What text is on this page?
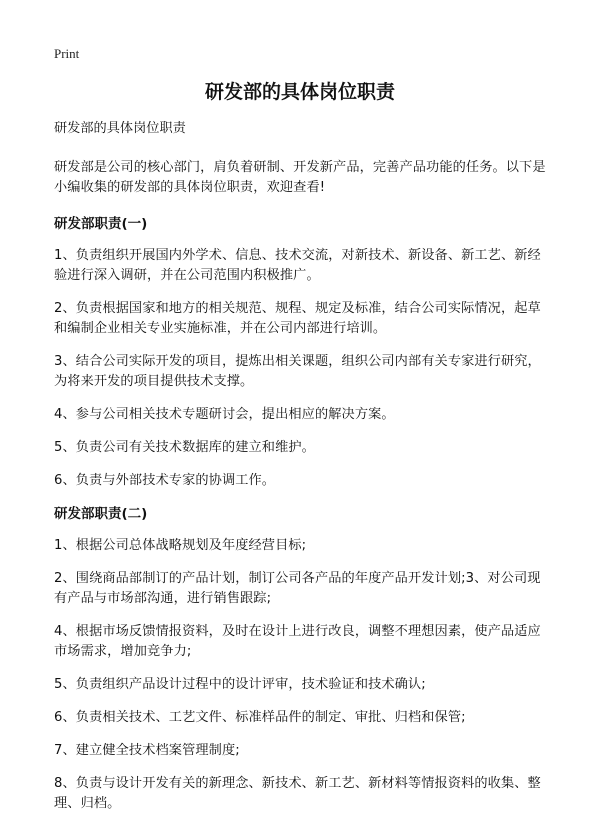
Print
研发部的具体岗位职责

研发部的具体岗位职责

研发部是公司的核心部门，肩负着研制、开发新产品，完善产品功能的任务。以下是小编收集的研发部的具体岗位职责，欢迎查看!

研发部职责(一)

1、负责组织开展国内外学术、信息、技术交流，对新技术、新设备、新工艺、新经验进行深入调研，并在公司范围内积极推广。

2、负责根据国家和地方的相关规范、规程、规定及标准，结合公司实际情况，起草和编制企业相关专业实施标准，并在公司内部进行培训。

3、结合公司实际开发的项目，提炼出相关课题，组织公司内部有关专家进行研究，为将来开发的项目提供技术支撑。

4、参与公司相关技术专题研讨会，提出相应的解决方案。

5、负责公司有关技术数据库的建立和维护。

6、负责与外部技术专家的协调工作。

研发部职责(二)

1、根据公司总体战略规划及年度经营目标;

2、围绕商品部制订的产品计划，制订公司各产品的年度产品开发计划;3、对公司现有产品与市场部沟通，进行销售跟踪;

4、根据市场反馈情报资料，及时在设计上进行改良，调整不理想因素，使产品适应市场需求，增加竞争力;

5、负责组织产品设计过程中的设计评审，技术验证和技术确认;

6、负责相关技术、工艺文件、标准样品件的制定、审批、归档和保管;

7、建立健全技术档案管理制度;

8、负责与设计开发有关的新理念、新技术、新工艺、新材料等情报资料的收集、整理、归档。
